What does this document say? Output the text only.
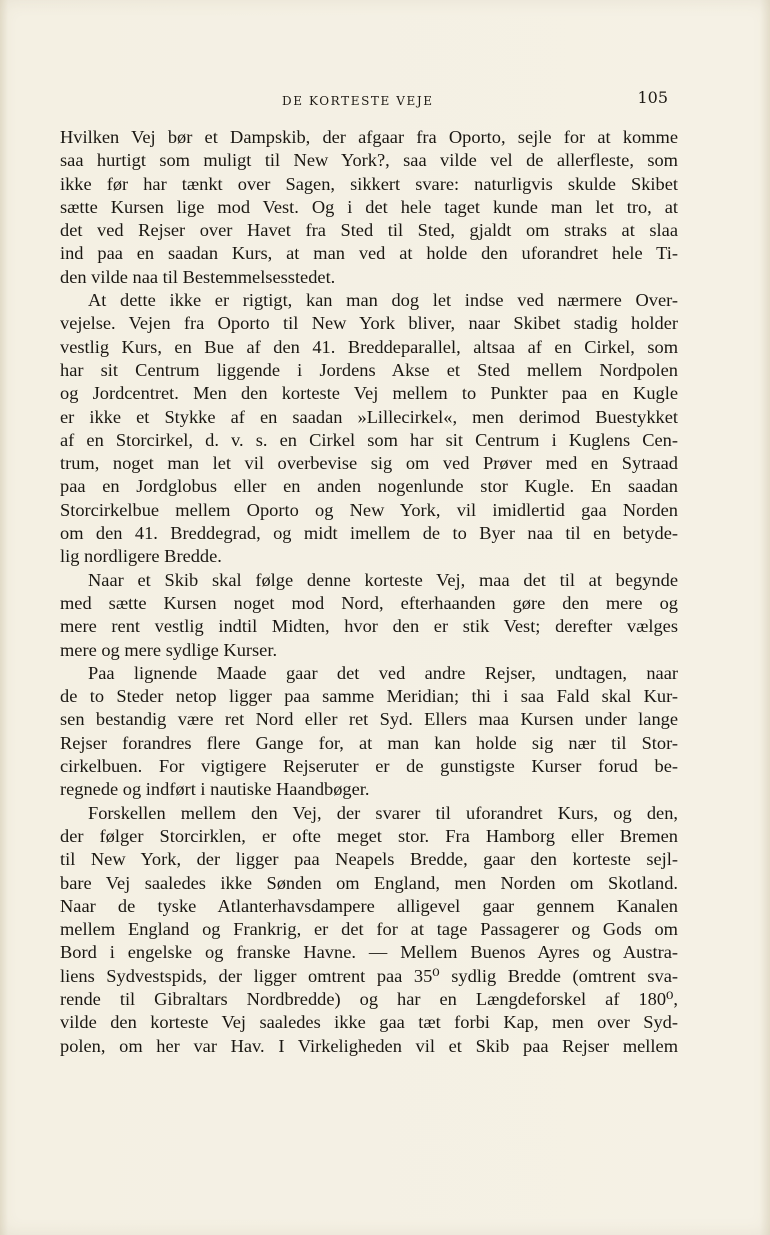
DE KORTESTE VEJE	105
Hvilken Vej bør et Dampskib, der afgaar fra Oporto, sejle for at komme
saa hurtigt som muligt til New York?, saa vilde vel de allerfleste, som
ikke før har tænkt over Sagen, sikkert svare: naturligvis skulde Skibet
sætte Kursen lige mod Vest. Og i det hele taget kunde man let tro, at
det ved Rejser over Havet fra Sted til Sted, gjaldt om straks at slaa
ind paa en saadan Kurs, at man ved at holde den uforandret hele Ti-
den vilde naa til Bestemmelsesstedet.
At dette ikke er rigtigt, kan man dog let indse ved nærmere Over-
vejelse. Vejen fra Oporto til New York bliver, naar Skibet stadig holder
vestlig Kurs, en Bue af den 41. Breddeparallel, altsaa af en Cirkel, som
har sit Centrum liggende i Jordens Akse et Sted mellem Nordpolen
og Jordcentret. Men den korteste Vej mellem to Punkter paa en Kugle
er ikke et Stykke af en saadan »Lillecirkel«, men derimod Buestykket
af en Storcirkel, d. v. s. en Cirkel som har sit Centrum i Kuglens Cen-
trum, noget man let vil overbevise sig om ved Prøver med en Sytraad
paa en Jordglobus eller en anden nogenlunde stor Kugle. En saadan
Storcirkelbue mellem Oporto og New York, vil imidlertid gaa Norden
om den 41. Breddegrad, og midt imellem de to Byer naa til en betyde-
lig nordligere Bredde.
Naar et Skib skal følge denne korteste Vej, maa det til at begynde
med sætte Kursen noget mod Nord, efterhaanden gøre den mere og
mere rent vestlig indtil Midten, hvor den er stik Vest; derefter vælges
mere og mere sydlige Kurser.
Paa lignende Maade gaar det ved andre Rejser, undtagen, naar
de to Steder netop ligger paa samme Meridian; thi i saa Fald skal Kur-
sen bestandig være ret Nord eller ret Syd. Ellers maa Kursen under lange
Rejser forandres flere Gange for, at man kan holde sig nær til Stor-
cirkelbuen. For vigtigere Rejseruter er de gunstigste Kurser forud be-
regnede og indført i nautiske Haandbøger.
Forskellen mellem den Vej, der svarer til uforandret Kurs, og den,
der følger Storcirklen, er ofte meget stor. Fra Hamborg eller Bremen
til New York, der ligger paa Neapels Bredde, gaar den korteste sejl-
bare Vej saaledes ikke Sønden om England, men Norden om Skotland.
Naar de tyske Atlanterhavsdampere alligevel gaar gennem Kanalen
mellem England og Frankrig, er det for at tage Passagerer og Gods om
Bord i engelske og franske Havne. — Mellem Buenos Ayres og Austra-
liens Sydvestspids, der ligger omtrent paa 35⁰ sydlig Bredde (omtrent sva-
rende til Gibraltars Nordbredde) og har en Længdeforskel af 180⁰,
vilde den korteste Vej saaledes ikke gaa tæt forbi Kap, men over Syd-
polen, om her var Hav. I Virkeligheden vil et Skib paa Rejser mellem
